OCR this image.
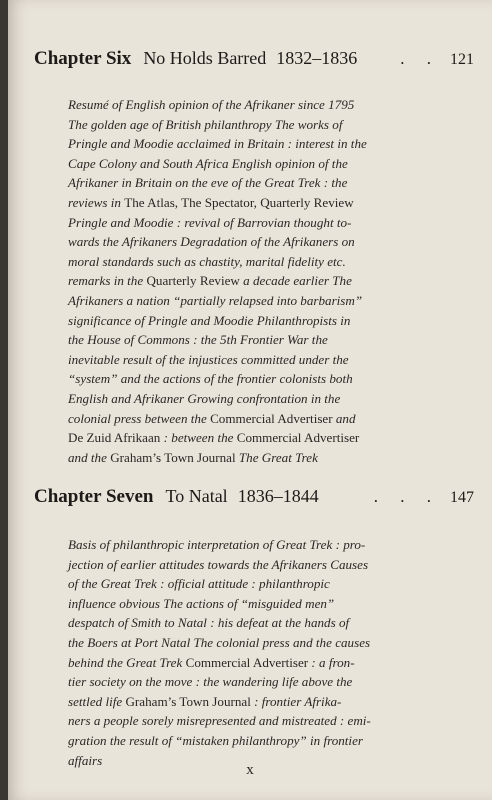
Chapter Six No Holds Barred 1832–1836	. . 121
Resumé of English opinion of the Afrikaner since 1795
The golden age of British philanthropy The works of
Pringle and Moodie acclaimed in Britain : interest in the
Cape Colony and South Africa English opinion of the
Afrikaner in Britain on the eve of the Great Trek : the
reviews in The Atlas, The Spectator, Quarterly Review
Pringle and Moodie : revival of Barrovian thought to-
wards the Afrikaners Degradation of the Afrikaners on
moral standards such as chastity, marital fidelity etc.
remarks in the Quarterly Review a decade earlier The
Afrikaners a nation “partially relapsed into barbarism”
significance of Pringle and Moodie Philanthropists in
the House of Commons : the 5th Frontier War the
inevitable result of the injustices committed under the
“system” and the actions of the frontier colonists both
English and Afrikaner Growing confrontation in the
colonial press between the Commercial Advertiser and
De Zuid Afrikaan : between the Commercial Advertiser
and the Graham’s Town Journal The Great Trek
Chapter Seven To Natal 1836–1844	. . . 147
Basis of philanthropic interpretation of Great Trek : pro-
jection of earlier attitudes towards the Afrikaners Causes
of the Great Trek : official attitude : philanthropic
influence obvious The actions of “misguided men”
despatch of Smith to Natal : his defeat at the hands of
the Boers at Port Natal The colonial press and the causes
behind the Great Trek Commercial Advertiser : a fron-
tier society on the move : the wandering life above the
settled life Graham’s Town Journal : frontier Afrika-
ners a people sorely misrepresented and mistreated : emi-
gration the result of “mistaken philanthropy” in frontier
affairs
x
